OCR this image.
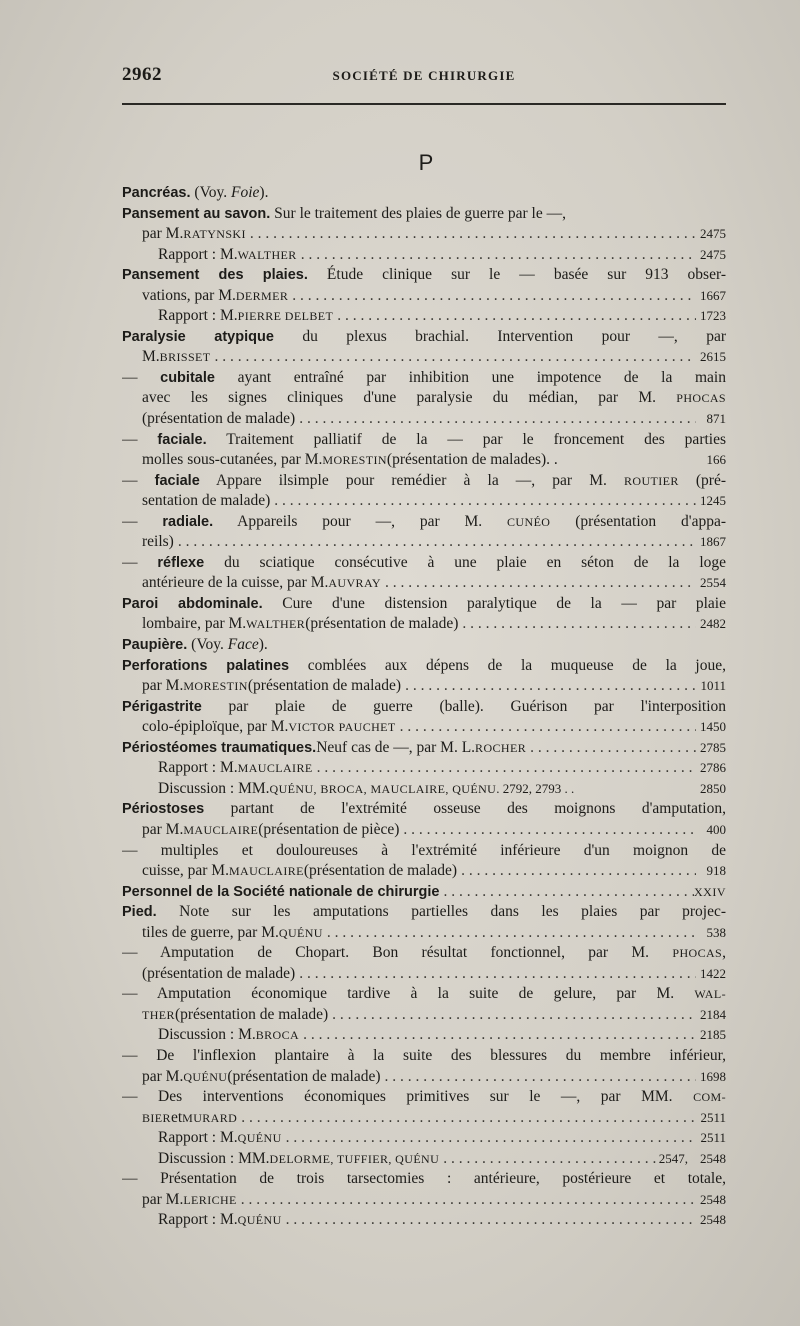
2962	SOCIÉTÉ DE CHIRURGIE
P
Pancréas. (Voy. Foie).
Pansement au savon. Sur le traitement des plaies de guerre par le —,
par M. RATYNSKI . . .	2475
Rapport : M. WALTHER . . .	2475
Pansement des plaies. Étude clinique sur le — basée sur 913 obser-
vations, par M. DERMER . . .	1667
Rapport : M. PIERRE DELBET . . .	1723
Paralysie atypique du plexus brachial. Intervention pour —, par
M. BRISSET . . .	2615
— cubitale ayant entraîné par inhibition une impotence de la main
avec les signes cliniques d'une paralysie du médian, par M. PHOCAS
(présentation de malade) . . .	871
— faciale. Traitement palliatif de la — par le froncement des parties
molles sous-cutanées, par M. MORESTIN (présentation de malades). .	166
— faciale Appare ilsimple pour remédier à la —, par M. ROUTIER (pré-
sentation de malade) . . .	1245
— radiale. Appareils pour —, par M. CUNÉO (présentation d'appa-
reils) . . .	1867
— réflexe du sciatique consécutive à une plaie en séton de la loge
antérieure de la cuisse, par M. AUVRAY . . .	2554
Paroi abdominale. Cure d'une distension paralytique de la — par plaie
lombaire, par M. WALTHER (présentation de malade) . . .	2482
Paupière. (Voy. Face).
Perforations palatines comblées aux dépens de la muqueuse de la joue,
par M. MORESTIN (présentation de malade) . . .	1011
Périgastrite par plaie de guerre (balle). Guérison par l'interposition
colo-épiploïque, par M. VICTOR PAUCHET . . .	1450
Périostéomes traumatiques. Neuf cas de —, par M. L. ROCHER . . .	2785
Rapport : M. MAUCLAIRE . . .	2786
Discussion : MM. QUÉNU, BROCA, MAUCLAIRE, QUÉNU . 2792, 2793 . .	2850
Périostoses partant de l'extrémité osseuse des moignons d'amputation,
par M. MAUCLAIRE (présentation de pièce) . . .	400
— multiples et douloureuses à l'extrémité inférieure d'un moignon de
cuisse, par M. MAUCLAIRE (présentation de malade) . . .	918
Personnel de la Société nationale de chirurgie . . .	XXIV
Pied. Note sur les amputations partielles dans les plaies par projec-
tiles de guerre, par M. QUÉNU . . .	538
— Amputation de Chopart. Bon résultat fonctionnel, par M. PHOCAS,
(présentation de malade) . . .	1422
— Amputation économique tardive à la suite de gelure, par M. WAL-
THER (présentation de malade) . . .	2184
Discussion : M. BROCA . . .	2185
— De l'inflexion plantaire à la suite des blessures du membre inférieur,
par M. QUÉNU (présentation de malade) . . .	1698
— Des interventions économiques primitives sur le —, par MM. COM-
BIER et MURARD . . .	2511
Rapport : M. QUÉNU . . .	2511
Discussion : MM. DELORME, TUFFIER, QUÉNU . . .	2547, 2548
— Présentation de trois tarsectomies : antérieure, postérieure et totale,
par M. LERICHE . . .	2548
Rapport : M. QUÉNU . . .	2548
